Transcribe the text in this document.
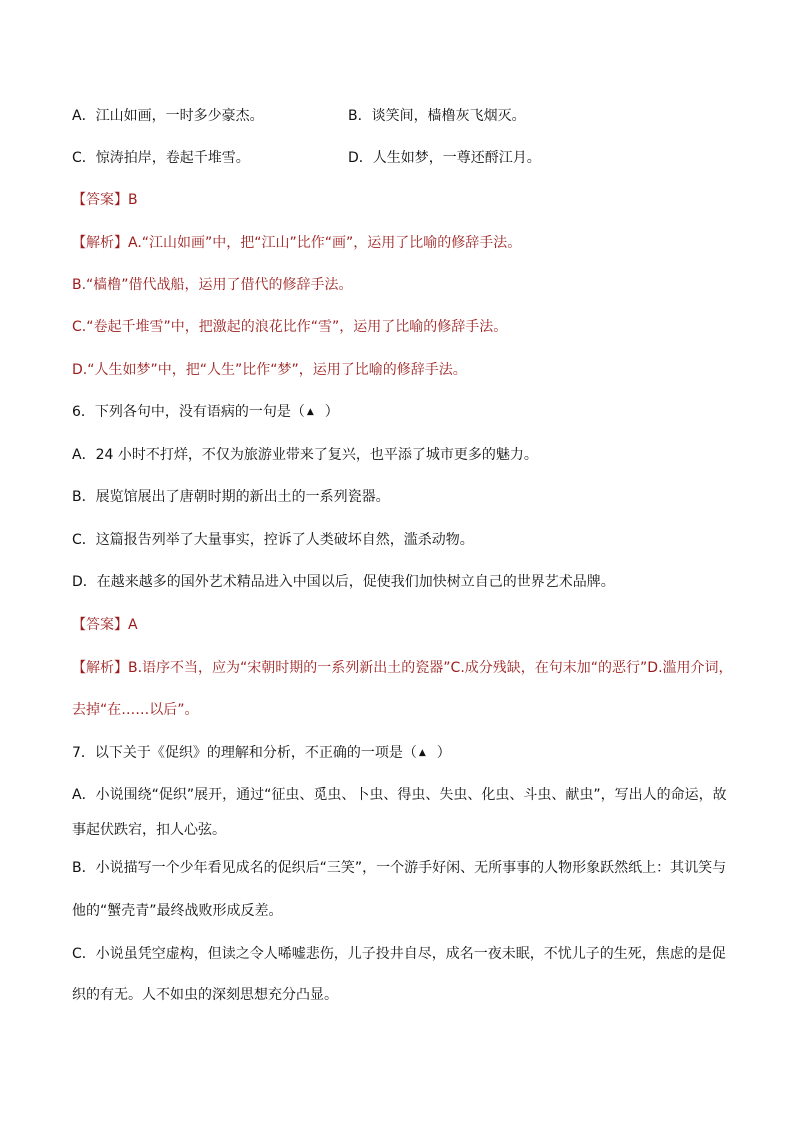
A．江山如画，一时多少豪杰。	B．谈笑间，樯橹灰飞烟灭。
C．惊涛拍岸，卷起千堆雪。	D．人生如梦，一尊还酹江月。
【答案】B
【解析】A.“江山如画”中，把“江山”比作“画”，运用了比喻的修辞手法。
B.“樯橹”借代战船，运用了借代的修辞手法。
C.“卷起千堆雪”中，把激起的浪花比作“雪”，运用了比喻的修辞手法。
D.“人生如梦”中，把“人生”比作“梦”，运用了比喻的修辞手法。
6．下列各句中，没有语病的一句是（ ▲ ）
A．24 小时不打烊，不仅为旅游业带来了复兴，也平添了城市更多的魅力。
B．展览馆展出了唐朝时期的新出土的一系列瓷器。
C．这篇报告列举了大量事实，控诉了人类破坏自然，滥杀动物。
D．在越来越多的国外艺术精品进入中国以后，促使我们加快树立自己的世界艺术品牌。
【答案】A
【解析】B.语序不当，应为“宋朝时期的一系列新出土的瓷器”C.成分残缺，在句末加“的恶行”D.滥用介词，
去掉“在……以后”。
7．以下关于《促织》的理解和分析，不正确的一项是（ ▲ ）
A．小说围绕“促织”展开，通过“征虫、觅虫、卜虫、得虫、失虫、化虫、斗虫、献虫”，写出人的命运，故
事起伏跌宕，扣人心弦。
B．小说描写一个少年看见成名的促织后“三笑”，一个游手好闲、无所事事的人物形象跃然纸上：其讥笑与
他的“蟹壳青”最终战败形成反差。
C．小说虽凭空虚构，但读之令人唏嘘悲伤，儿子投井自尽，成名一夜未眠，不忧儿子的生死，焦虑的是促
织的有无。人不如虫的深刻思想充分凸显。
